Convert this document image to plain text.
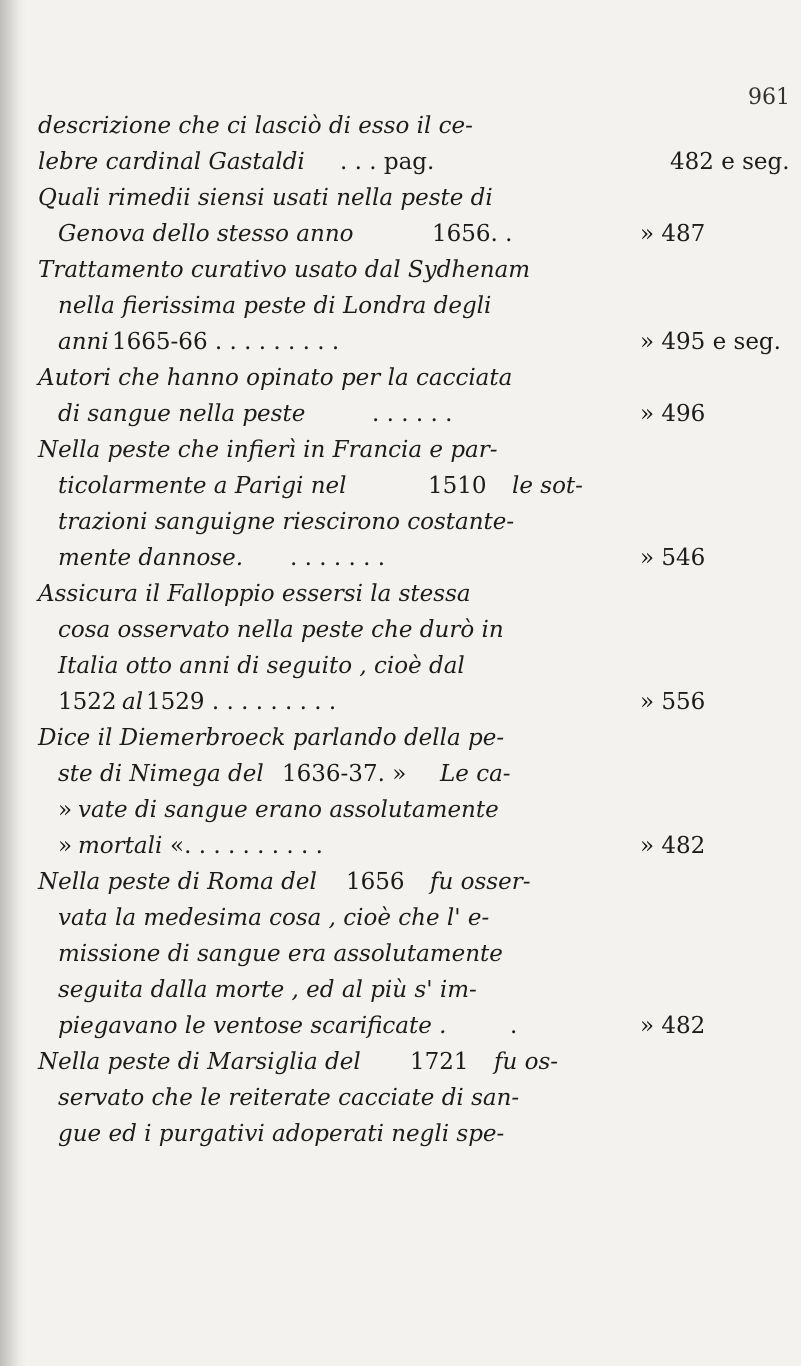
961
descrizione che ci lasciò di esso il ce-
lebre cardinal Gastaldi . . . pag.	482 e seg.
Quali rimedii siensi usati nella peste di
Genova dello stesso anno	1656. .	» 487
Trattamento curativo usato dal Sydhenam
nella fierissima peste di Londra degli
anni 1665-66 . . . . . . . . .	» 495 e seg.
Autori che hanno opinato per la cacciata
di sangue nella peste	. . . . . .	» 496
Nella peste che infierì in Francia e par-
ticolarmente a Parigi nel	1510 le sot-
trazioni sanguigne riescirono costante-
mente dannose. . . . . . . .	» 546
Assicura il Falloppio essersi la stessa
cosa osservato nella peste che durò in
Italia otto anni di seguito , cioè dal
1522 al 1529 . . . . . . . . .	» 556
Dice il Diemerbroeck parlando della pe-
ste di Nimega del 1636-37. » Le ca-
» vate di sangue erano assolutamente
» mortali «. . . . . . . . . .	» 482
Nella peste di Roma del 1656 fu osser-
vata la medesima cosa , cioè che l' e-
missione di sangue era assolutamente
seguita dalla morte , ed al più s' im-
piegavano le ventose scarificate .	.	» 482
Nella peste di Marsiglia del 1721 fu os-
servato che le reiterate cacciate di san-
gue ed i purgativi adoperati negli spe-
